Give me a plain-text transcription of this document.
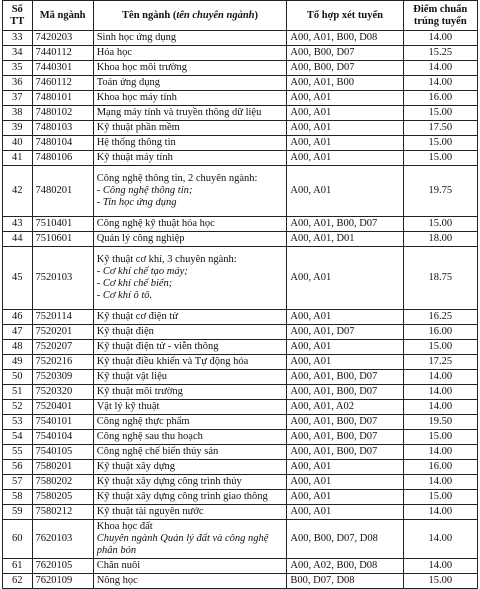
Số TT	Mã ngành	Tên ngành (tên chuyên ngành)	Tổ hợp xét tuyển	Điểm chuẩn trúng tuyển
33	7420203	Sinh học ứng dụng	A00, A01, B00, D08	14.00
34	7440112	Hóa học	A00, B00, D07	15.25
35	7440301	Khoa học môi trường	A00, B00, D07	14.00
36	7460112	Toán ứng dụng	A00, A01, B00	14.00
37	7480101	Khoa học máy tính	A00, A01	16.00
38	7480102	Mạng máy tính và truyền thông dữ liệu	A00, A01	15.00
39	7480103	Kỹ thuật phần mềm	A00, A01	17.50
40	7480104	Hệ thống thông tin	A00, A01	15.00
41	7480106	Kỹ thuật máy tính	A00, A01	15.00
42	7480201	Công nghệ thông tin, 2 chuyên ngành:
- Công nghệ thông tin;
- Tin học ứng dụng	A00, A01	19.75
43	7510401	Công nghệ kỹ thuật hóa học	A00, A01, B00, D07	15.00
44	7510601	Quản lý công nghiệp	A00, A01, D01	18.00
45	7520103	Kỹ thuật cơ khí, 3 chuyên ngành:
- Cơ khí chế tạo máy;
- Cơ khí chế biến;
- Cơ khí ô tô.	A00, A01	18.75
46	7520114	Kỹ thuật cơ điện tử	A00, A01	16.25
47	7520201	Kỹ thuật điện	A00, A01, D07	16.00
48	7520207	Kỹ thuật điện tử - viễn thông	A00, A01	15.00
49	7520216	Kỹ thuật điều khiển và Tự động hóa	A00, A01	17.25
50	7520309	Kỹ thuật vật liệu	A00, A01, B00, D07	14.00
51	7520320	Kỹ thuật môi trường	A00, A01, B00, D07	14.00
52	7520401	Vật lý kỹ thuật	A00, A01, A02	14.00
53	7540101	Công nghệ thực phẩm	A00, A01, B00, D07	19.50
54	7540104	Công nghệ sau thu hoạch	A00, A01, B00, D07	15.00
55	7540105	Công nghệ chế biến thủy sản	A00, A01, B00, D07	14.00
56	7580201	Kỹ thuật xây dựng	A00, A01	16.00
57	7580202	Kỹ thuật xây dựng công trình thủy	A00, A01	14.00
58	7580205	Kỹ thuật xây dựng công trình giao thông	A00, A01	15.00
59	7580212	Kỹ thuật tài nguyên nước	A00, A01	14.00
60	7620103	Khoa học đất
Chuyên ngành Quản lý đất và công nghệ phân bón	A00, B00, D07, D08	14.00
61	7620105	Chăn nuôi	A00, A02, B00, D08	14.00
62	7620109	Nông học	B00, D07, D08	15.00
